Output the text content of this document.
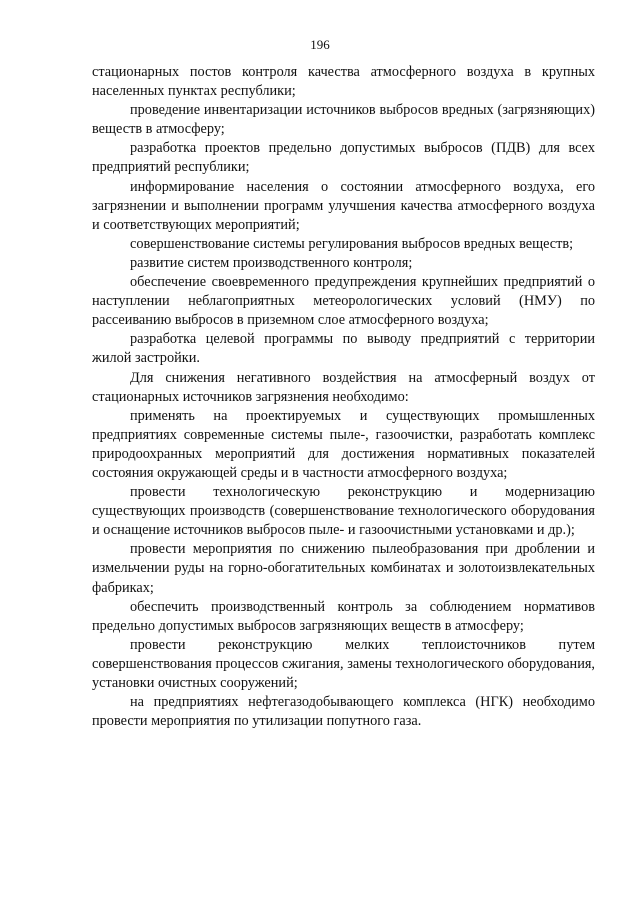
196

стационарных постов контроля качества атмосферного воздуха в крупных населенных пунктах республики;

проведение инвентаризации источников выбросов вредных (загрязняющих) веществ в атмосферу;

разработка проектов предельно допустимых выбросов (ПДВ) для всех предприятий республики;

информирование населения о состоянии атмосферного воздуха, его загрязнении и выполнении программ улучшения качества атмосферного воздуха и соответствующих мероприятий;

совершенствование системы регулирования выбросов вредных веществ;

развитие систем производственного контроля;

обеспечение своевременного предупреждения крупнейших предприятий о наступлении неблагоприятных метеорологических условий (НМУ) по рассеиванию выбросов в приземном слое атмосферного воздуха;

разработка целевой программы по выводу предприятий с территории жилой застройки.

Для снижения негативного воздействия на атмосферный воздух от стационарных источников загрязнения необходимо:

применять на проектируемых и существующих промышленных предприятиях современные системы пыле-, газоочистки, разработать комплекс природоохранных мероприятий для достижения нормативных показателей состояния окружающей среды и в частности атмосферного воздуха;

провести технологическую реконструкцию и модернизацию существующих производств (совершенствование технологического оборудования и оснащение источников выбросов пыле- и газоочистными установками и др.);

провести мероприятия по снижению пылеобразования при дроблении и измельчении руды на горно-обогатительных комбинатах и золотоизвлекательных фабриках;

обеспечить производственный контроль за соблюдением нормативов предельно допустимых выбросов загрязняющих веществ в атмосферу;

провести реконструкцию мелких теплоисточников путем совершенствования процессов сжигания, замены технологического оборудования, установки очистных сооружений;

на предприятиях нефтегазодобывающего комплекса (НГК) необходимо провести мероприятия по утилизации попутного газа.
